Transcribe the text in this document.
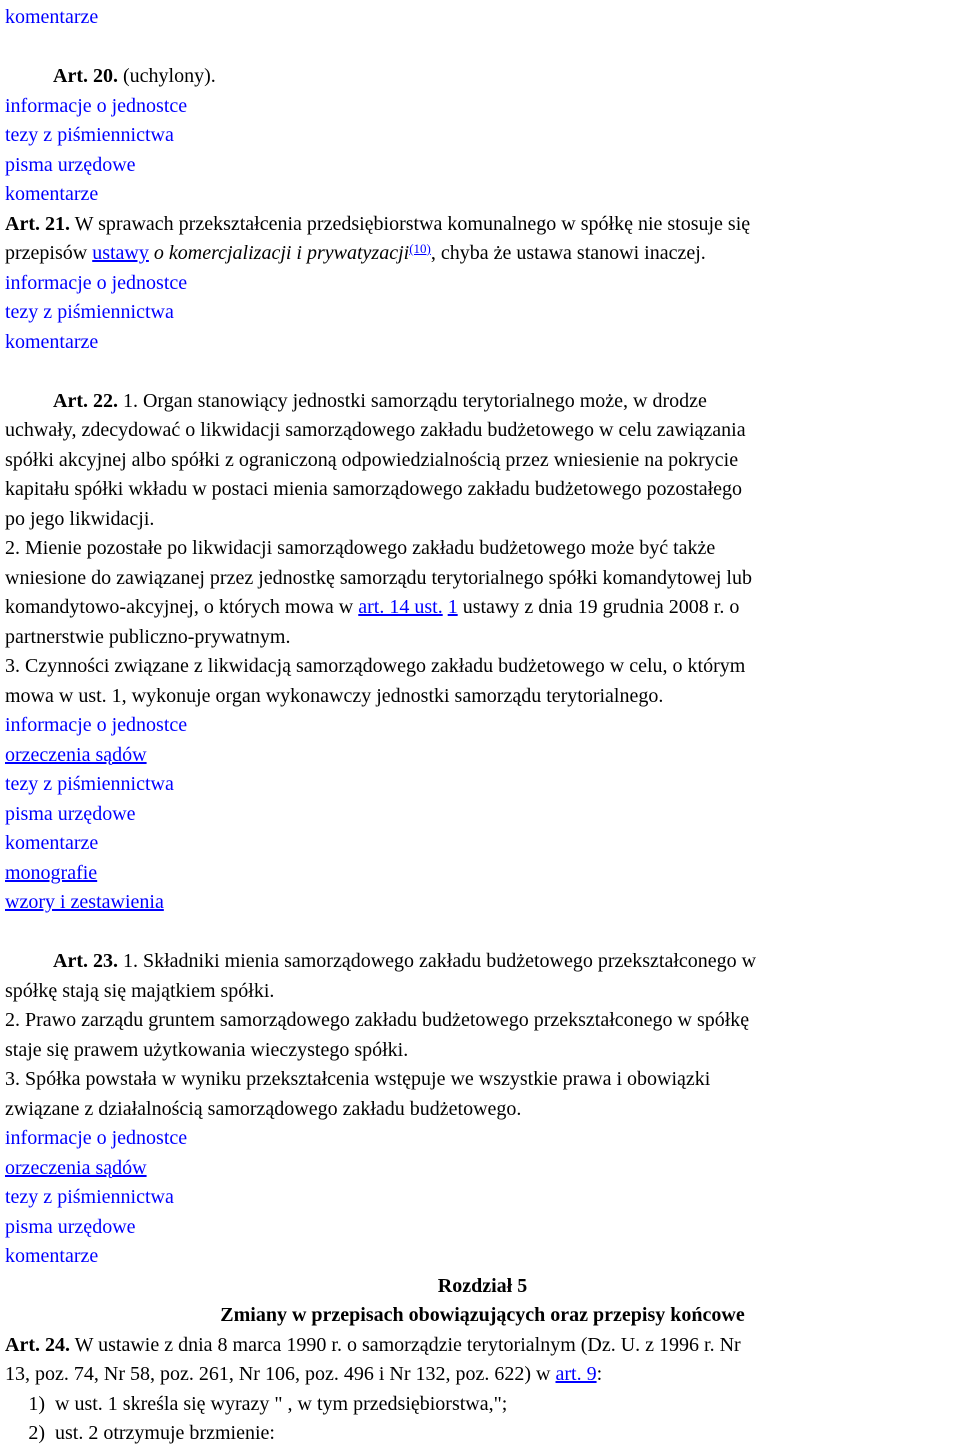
komentarze
Art. 20. (uchylony).
informacje o jednostce
tezy z piśmiennictwa
pisma urzędowe
komentarze
Art. 21. W sprawach przekształcenia przedsiębiorstwa komunalnego w spółkę nie stosuje się
przepisów ustawy o komercjalizacji i prywatyzacji$^{(10)}$, chyba że ustawa stanowi inaczej.
informacje o jednostce
tezy z piśmiennictwa
komentarze
Art. 22. 1. Organ stanowiący jednostki samorządu terytorialnego może, w drodze
uchwały, zdecydować o likwidacji samorządowego zakładu budżetowego w celu zawiązania
spółki akcyjnej albo spółki z ograniczoną odpowiedzialnością przez wniesienie na pokrycie
kapitału spółki wkładu w postaci mienia samorządowego zakładu budżetowego pozostałego
po jego likwidacji.
2. Mienie pozostałe po likwidacji samorządowego zakładu budżetowego może być także
wniesione do zawiązanej przez jednostkę samorządu terytorialnego spółki komandytowej lub
komandytowo-akcyjnej, o których mowa w art. 14 ust. 1 ustawy z dnia 19 grudnia 2008 r. o
partnerstwie publiczno-prywatnym.
3. Czynności związane z likwidacją samorządowego zakładu budżetowego w celu, o którym
mowa w ust. 1, wykonuje organ wykonawczy jednostki samorządu terytorialnego.
informacje o jednostce
orzeczenia sądów
tezy z piśmiennictwa
pisma urzędowe
komentarze
monografie
wzory i zestawienia
Art. 23. 1. Składniki mienia samorządowego zakładu budżetowego przekształconego w
spółkę stają się majątkiem spółki.
2. Prawo zarządu gruntem samorządowego zakładu budżetowego przekształconego w spółkę
staje się prawem użytkowania wieczystego spółki.
3. Spółka powstała w wyniku przekształcenia wstępuje we wszystkie prawa i obowiązki
związane z działalnością samorządowego zakładu budżetowego.
informacje o jednostce
orzeczenia sądów
tezy z piśmiennictwa
pisma urzędowe
komentarze
Rozdział 5
Zmiany w przepisach obowiązujących oraz przepisy końcowe
Art. 24. W ustawie z dnia 8 marca 1990 r. o samorządzie terytorialnym (Dz. U. z 1996 r. Nr
13, poz. 74, Nr 58, poz. 261, Nr 106, poz. 496 i Nr 132, poz. 622) w art. 9:
1) w ust. 1 skreśla się wyrazy " , w tym przedsiębiorstwa,";
2) ust. 2 otrzymuje brzmienie:
